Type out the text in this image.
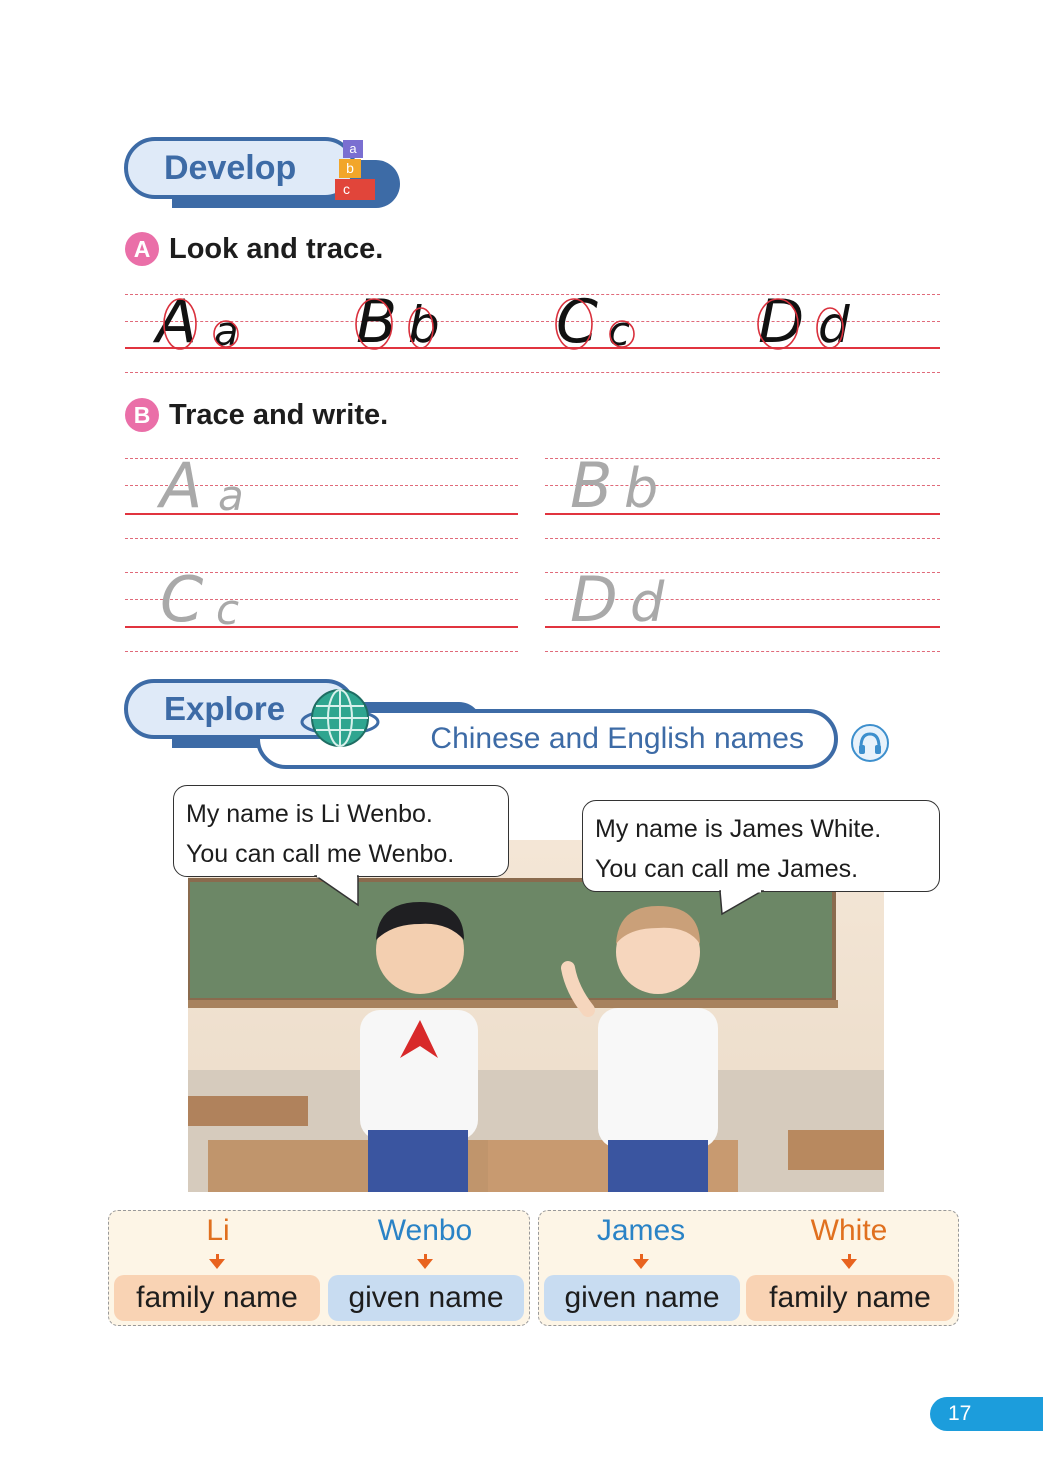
Develop	a
b
c
A Look and trace.
A a B b C c D d
B Trace and write.
A a	B b
C c	D d
Chinese and English names
Explore
My name is Li Wenbo.
You can call me Wenbo.
My name is James White.
You can call me James.
Li
family name
Wenbo
given name
James
given name
White
family name
17
